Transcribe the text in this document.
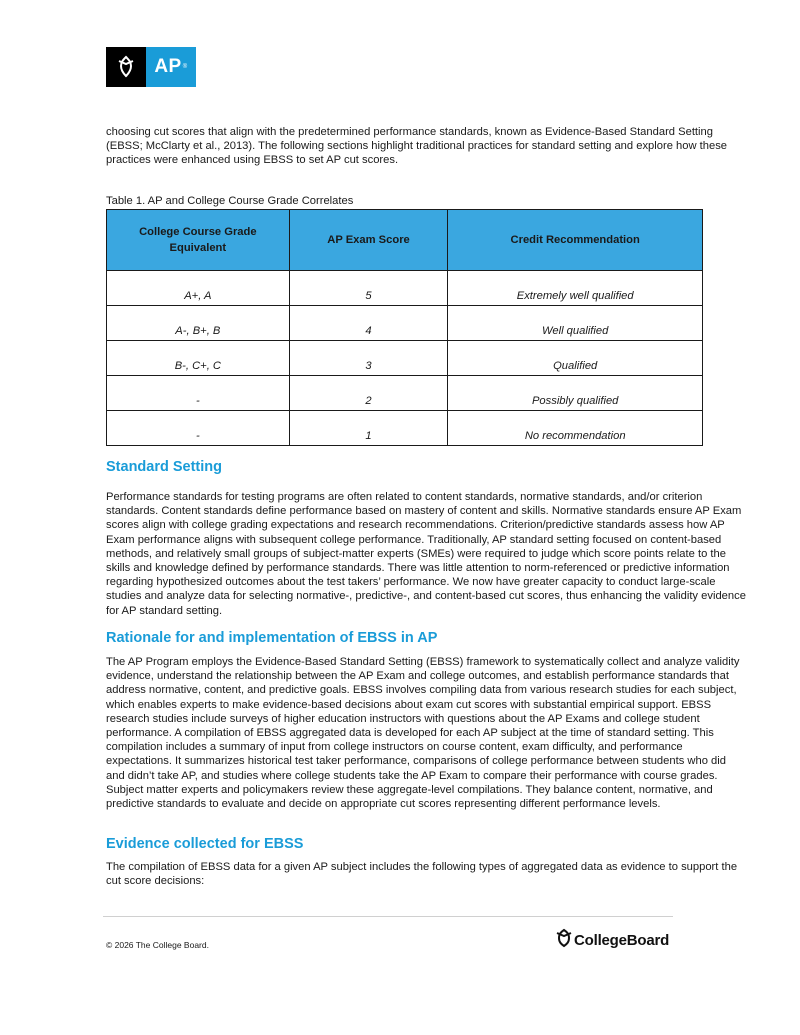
AP ®

choosing cut scores that align with the predetermined performance standards, known as Evidence-Based Standard Setting (EBSS; McClarty et al., 2013). The following sections highlight traditional practices for standard setting and explore how these practices were enhanced using EBSS to set AP cut scores.

Table 1. AP and College Course Grade Correlates
College Course Grade Equivalent	AP Exam Score	Credit Recommendation
A+, A	5	Extremely well qualified
A-, B+, B	4	Well qualified
B-, C+, C	3	Qualified
-	2	Possibly qualified
-	1	No recommendation
Standard Setting

Performance standards for testing programs are often related to content standards, normative standards, and/or criterion standards. Content standards define performance based on mastery of content and skills. Normative standards ensure AP Exam scores align with college grading expectations and research recommendations. Criterion/predictive standards assess how AP Exam performance aligns with subsequent college performance. Traditionally, AP standard setting focused on content-based methods, and relatively small groups of subject-matter experts (SMEs) were required to judge which score points relate to the skills and knowledge defined by performance standards. There was little attention to norm-referenced or predictive information regarding hypothesized outcomes about the test takers’ performance. We now have greater capacity to conduct large-scale studies and analyze data for selecting normative-, predictive-, and content-based cut scores, thus enhancing the validity evidence for AP standard setting.

Rationale for and implementation of EBSS in AP

The AP Program employs the Evidence-Based Standard Setting (EBSS) framework to systematically collect and analyze validity evidence, understand the relationship between the AP Exam and college outcomes, and establish performance standards that address normative, content, and predictive goals. EBSS involves compiling data from various research studies for each subject, which enables experts to make evidence-based decisions about exam cut scores with substantial empirical support. EBSS research studies include surveys of higher education instructors with questions about the AP Exams and college student performance. A compilation of EBSS aggregated data is developed for each AP subject at the time of standard setting. This compilation includes a summary of input from college instructors on course content, exam difficulty, and performance expectations. It summarizes historical test taker performance, comparisons of college performance between students who did and didn’t take AP, and studies where college students take the AP Exam to compare their performance with course grades. Subject matter experts and policymakers review these aggregate-level compilations. They balance content, normative, and predictive standards to evaluate and decide on appropriate cut scores representing different performance levels.

Evidence collected for EBSS

The compilation of EBSS data for a given AP subject includes the following types of aggregated data as evidence to support the cut score decisions:

© 2026 The College Board.	CollegeBoard
